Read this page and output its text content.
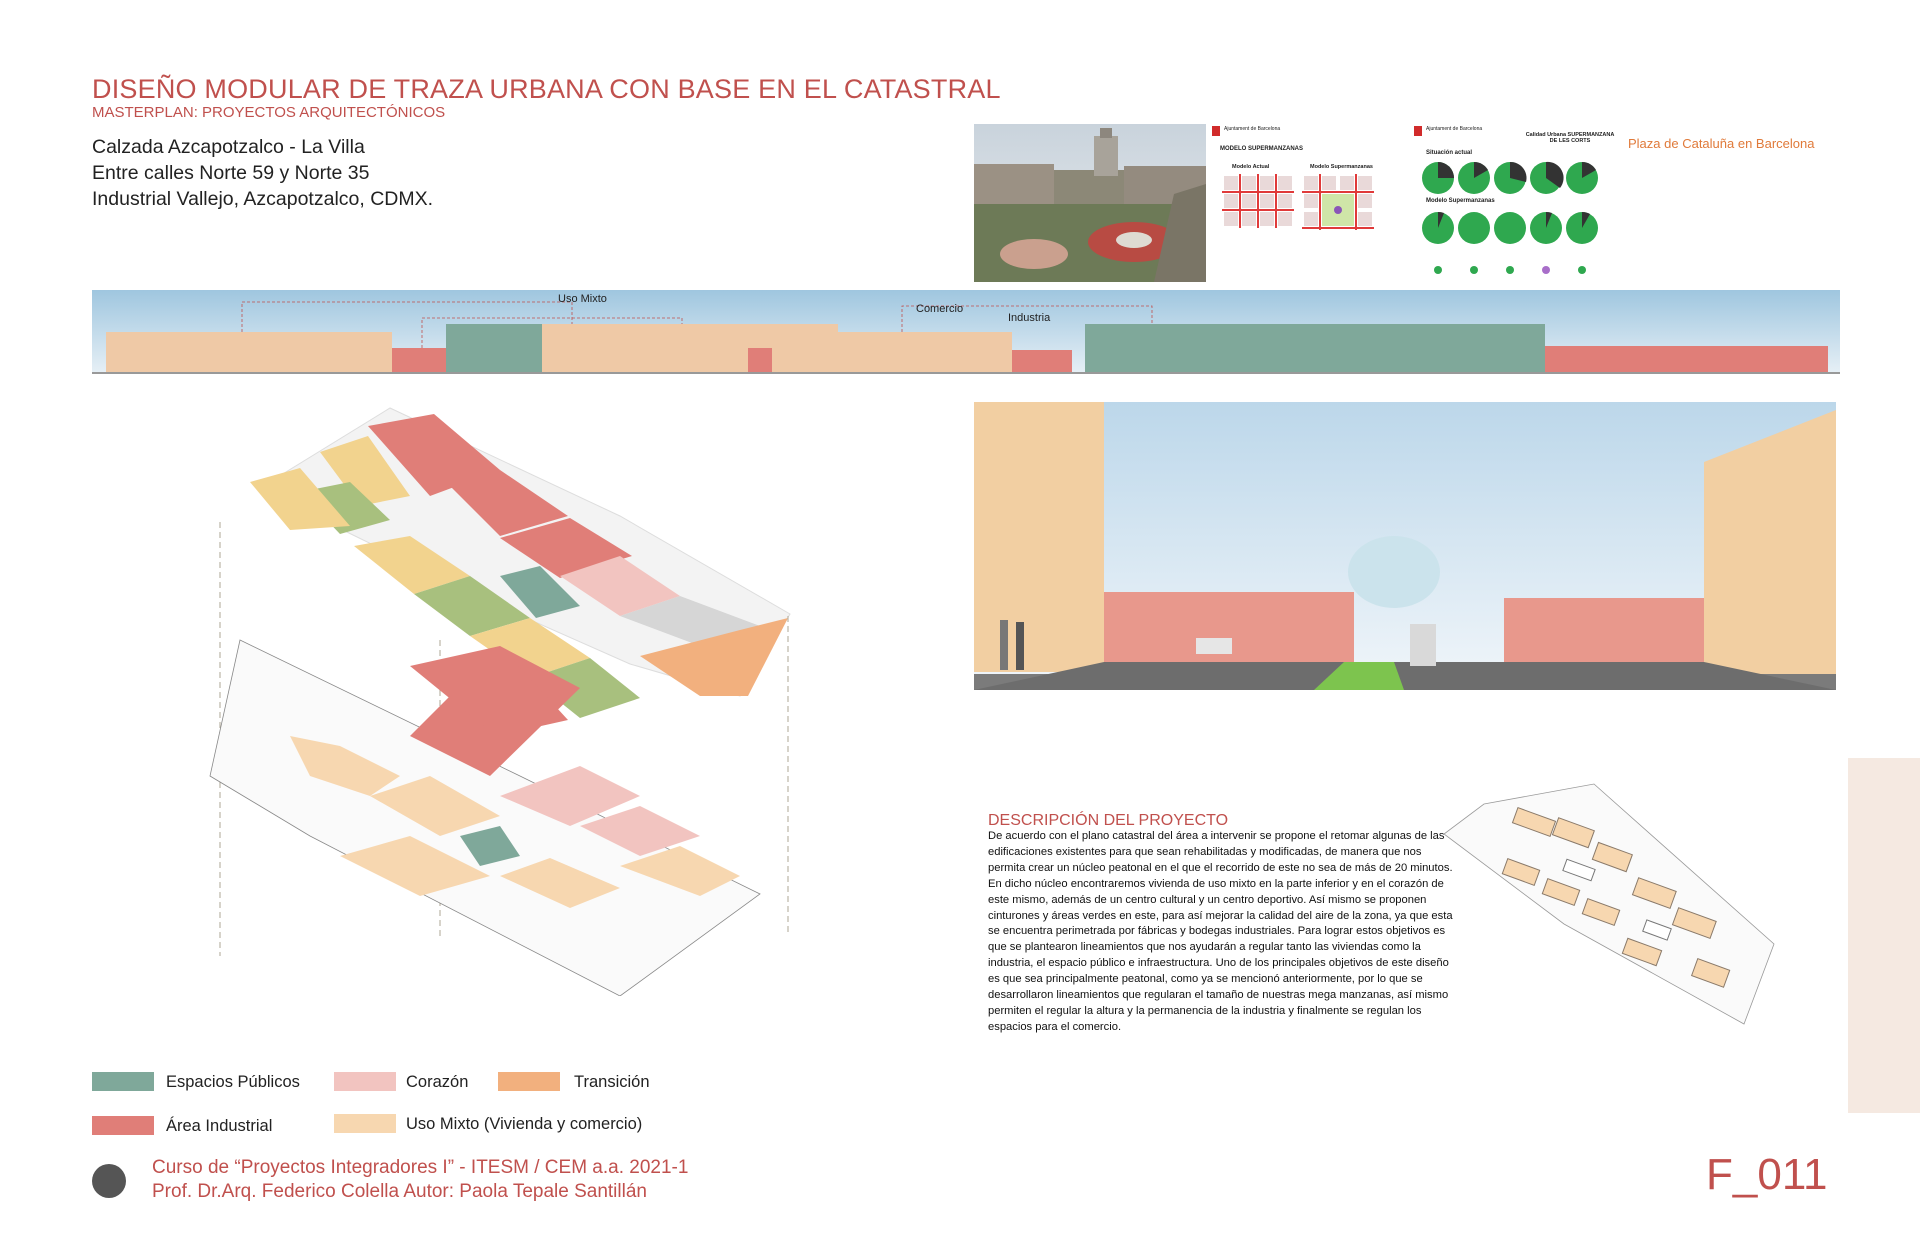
DISEÑO MODULAR DE TRAZA URBANA CON BASE EN EL CATASTRAL
MASTERPLAN: PROYECTOS ARQUITECTÓNICOS
Calzada Azcapotzalco - La Villa
Entre calles Norte 59 y Norte 35
Industrial Vallejo, Azcapotzalco, CDMX.
Ajuntament de Barcelona
MODELO SUPERMANZANAS
Modelo Actual	Modelo Supermanzanas
Ajuntament de Barcelona
Calidad Urbana SUPERMANZANA DE LES CORTS
Situación actual
Modelo Supermanzanas
Plaza de Cataluña en Barcelona
Uso Mixto
Comercio
Industria
DESCRIPCIÓN DEL PROYECTO
De acuerdo con el plano catastral del área a intervenir se propone el retomar algunas de las edificaciones existentes para que sean rehabilitadas y modificadas, de manera que nos permita crear un núcleo peatonal en el que el recorrido de este no sea de más de 20 minutos. En dicho núcleo encontraremos vivienda de uso mixto en la parte inferior y en el corazón de este mismo, además de un centro cultural y un centro deportivo. Así mismo se proponen cinturones y áreas verdes en este, para así mejorar la calidad del aire de la zona, ya que esta se encuentra perimetrada por fábricas y bodegas industriales. Para lograr estos objetivos es que se plantearon lineamientos que nos ayudarán a regular tanto las viviendas como la industria, el espacio público e infraestructura. Uno de los principales objetivos de este diseño es que sea principalmente peatonal, como ya se mencionó anteriormente, por lo que se desarrollaron lineamientos que regularan el tamaño de nuestras mega manzanas, así mismo permiten el regular la altura y la permanencia de la industria y finalmente se regulan los espacios para el comercio.
Espacios Públicos	Corazón	Transición
Área Industrial	Uso Mixto (Vivienda y comercio)
Curso de “Proyectos Integradores I” - ITESM / CEM a.a. 2021-1
Prof. Dr.Arq. Federico Colella Autor: Paola Tepale Santillán	F_011
